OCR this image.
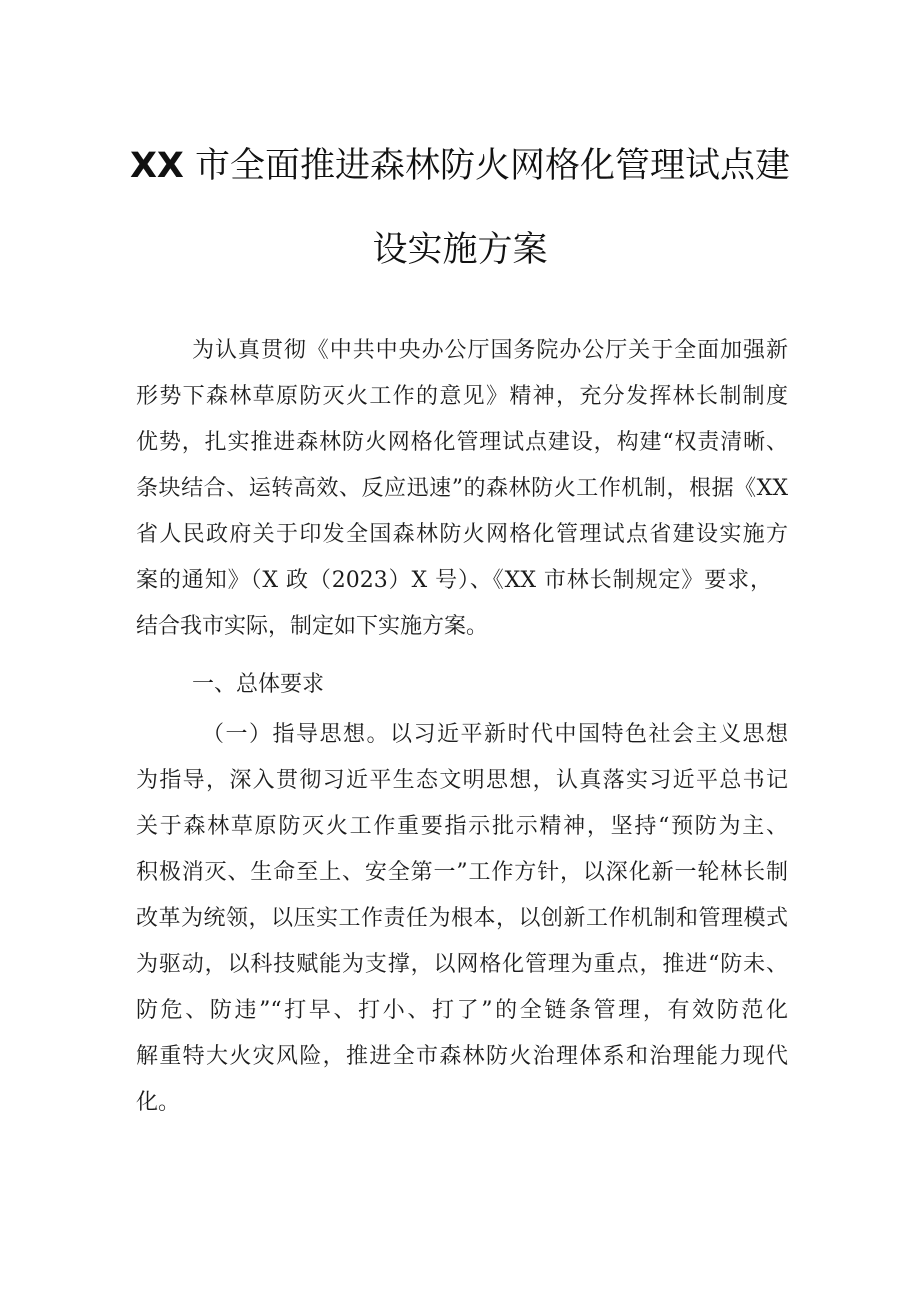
XX 市全面推进森林防火网格化管理试点建
设实施方案
为认真贯彻《中共中央办公厅国务院办公厅关于全面加强新
形势下森林草原防灭火工作的意见》精神，充分发挥林长制制度
优势，扎实推进森林防火网格化管理试点建设，构建“权责清晰、
条块结合、运转高效、反应迅速”的森林防火工作机制，根据《XX
省人民政府关于印发全国森林防火网格化管理试点省建设实施方
案的通知》（X 政（2023）X 号）、《XX 市林长制规定》要求，
结合我市实际，制定如下实施方案。
一、总体要求
（一）指导思想。以习近平新时代中国特色社会主义思想
为指导，深入贯彻习近平生态文明思想，认真落实习近平总书记
关于森林草原防灭火工作重要指示批示精神，坚持“预防为主、
积极消灭、生命至上、安全第一”工作方针，以深化新一轮林长制
改革为统领，以压实工作责任为根本，以创新工作机制和管理模式
为驱动，以科技赋能为支撑，以网格化管理为重点，推进“防未、
防危、防违”“打早、打小、打了”的全链条管理，有效防范化
解重特大火灾风险，推进全市森林防火治理体系和治理能力现代
化。
